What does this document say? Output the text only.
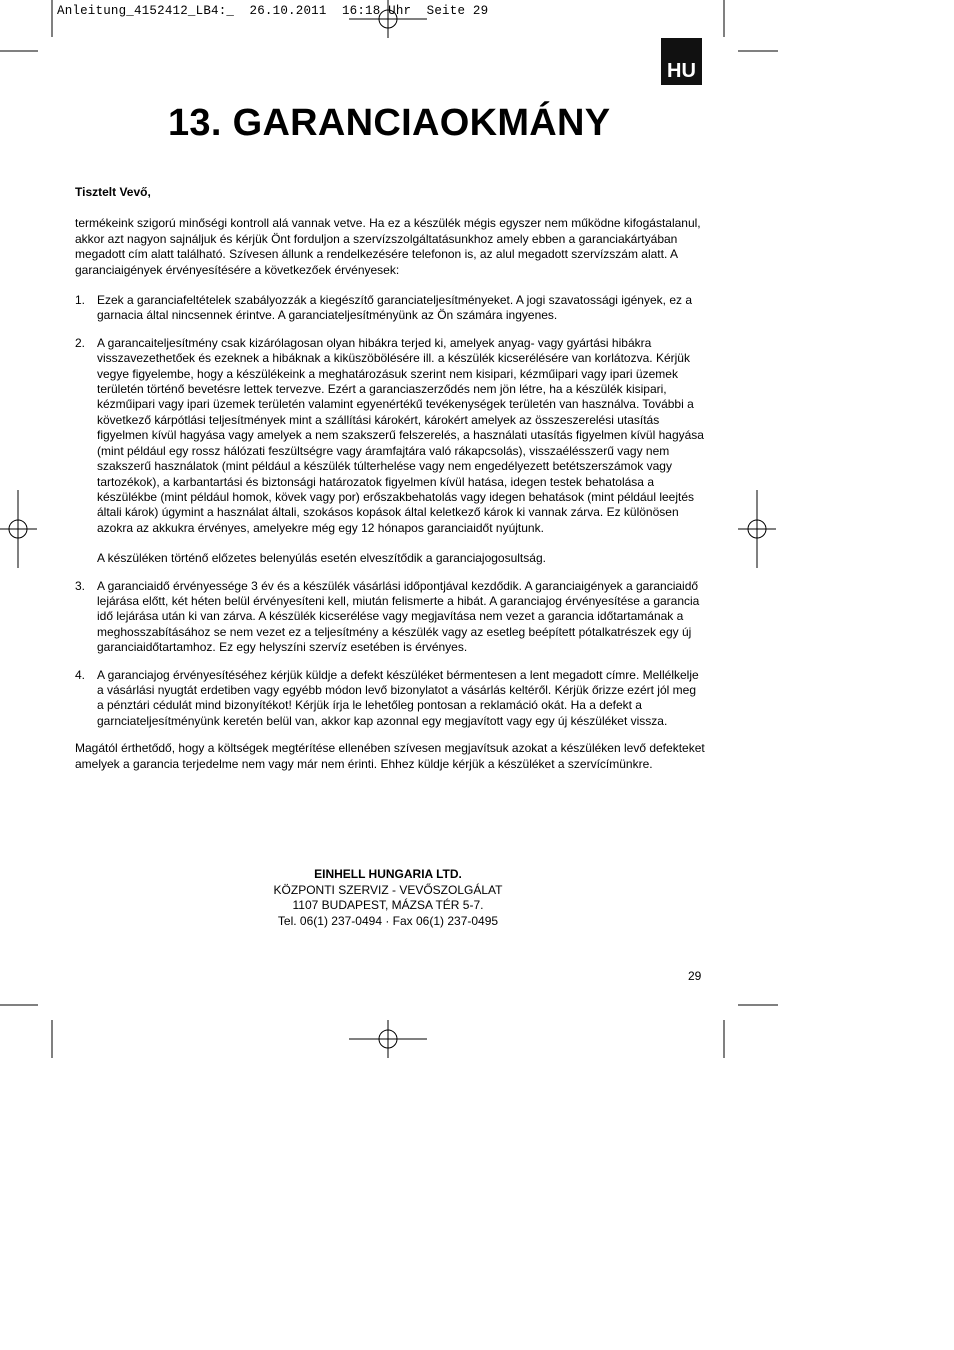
Anleitung_4152412_LB4:_  26.10.2011  16:18 Uhr  Seite 29
HU
13. GARANCIAOKMÁNY

Tisztelt Vevő,

termékeink szigorú minőségi kontroll alá vannak vetve. Ha ez a készülék mégis egyszer nem működne kifogástalanul, akkor azt nagyon sajnáljuk és kérjük Önt forduljon a szervízszolgáltatásunkhoz amely ebben a garanciakártyában megadott cím alatt található. Szívesen állunk a rendelkezésére telefonon is, az alul megadott szervízszám alatt. A garanciaigények érvényesítésére a következőek érvényesek:

1. Ezek a garanciafeltételek szabályozzák a kiegészítő garanciateljesítményeket. A jogi szavatossági igények, ez a garnacia által nincsennek érintve. A garanciateljesítményünk az Ön számára ingyenes.
2. A garancaiteljesítmény csak kizárólagosan olyan hibákra terjed ki, amelyek anyag- vagy gyártási hibákra visszavezethetőek és ezeknek a hibáknak a kiküszöbölésére ill. a készülék kicserélésére van korlátozva. Kérjük vegye figyelembe, hogy a készülékeink a meghatározásuk szerint nem kisipari, kézműipari vagy ipari üzemek területén történő bevetésre lettek tervezve. Ezért a garanciaszerződés nem jön létre, ha a készülék kisipari, kézműipari vagy ipari üzemek területén valamint egyenértékű tevékenységek területén van használva. További a következő kárpótlási teljesítmények mint a szállítási károkért, károkért amelyek az összeszerelési utasítás figyelmen kívül hagyása vagy amelyek a nem szakszerű felszerelés, a használati utasítás figyelmen kívül hagyása (mint például egy rossz hálózati feszültségre vagy áramfajtára való rákapcsolás), visszaélésszerű vagy nem szakszerű használatok (mint például a készülék túlterhelése vagy nem engedélyezett betétszerszámok vagy tartozékok), a karbantartási és biztonsági határozatok figyelmen kívül hatása, idegen testek behatolása a készülékbe (mint például homok, kövek vagy por) erőszakbehatolás vagy idegen behatások (mint például leejtés általi károk) úgymint a használat általi, szokásos kopások által keletkező károk ki vannak zárva. Ez különösen azokra az akkukra érvényes, amelyekre még egy 12 hónapos garanciaidőt nyújtunk.
A készüléken történő előzetes belenyúlás esetén elveszítődik a garanciajogosultság.
3. A garanciaidő érvényessége 3 év és a készülék vásárlási időpontjával kezdődik. A garanciaigények a garanciaidő lejárása előtt, két héten belül érvényesíteni kell, miután felismerte a hibát. A garanciajog érvényesítése a garancia idő lejárása után ki van zárva. A készülék kicserélése vagy megjavítása nem vezet a garancia időtartamának a meghosszabításához se nem vezet ez a teljesítmény a készülék vagy az esetleg beépített pótalkatrészek egy új garanciaidőtartamhoz. Ez egy helyszíni szervíz esetében is érvényes.
4. A garanciajog érvényesítéséhez kérjük küldje a defekt készüléket bérmentesen a lent megadott címre. Mellélkelje a vásárlási nyugtát erdetiben vagy egyébb módon levő bizonylatot a vásárlás keltéről. Kérjük őrizze ezért jól meg a pénztári cédulát mind bizonyítékot! Kérjük írja le lehetőleg pontosan a reklamáció okát. Ha a defekt a garnciateljesítményünk keretén belül van, akkor kap azonnal egy megjavított vagy egy új készüléket vissza.

Magától érthetődő, hogy a költségek megtérítése ellenében szívesen megjavítsuk azokat a készüléken levő defekteket amelyek a garancia terjedelme nem vagy már nem érinti. Ehhez küldje kérjük a készüléket a szervícímünkre.

EINHELL HUNGARIA LTD.
KÖZPONTI SZERVIZ - VEVŐSZOLGÁLAT
1107 BUDAPEST, MÁZSA TÉR 5-7.
Tel. 06(1) 237-0494 · Fax 06(1) 237-0495
29
